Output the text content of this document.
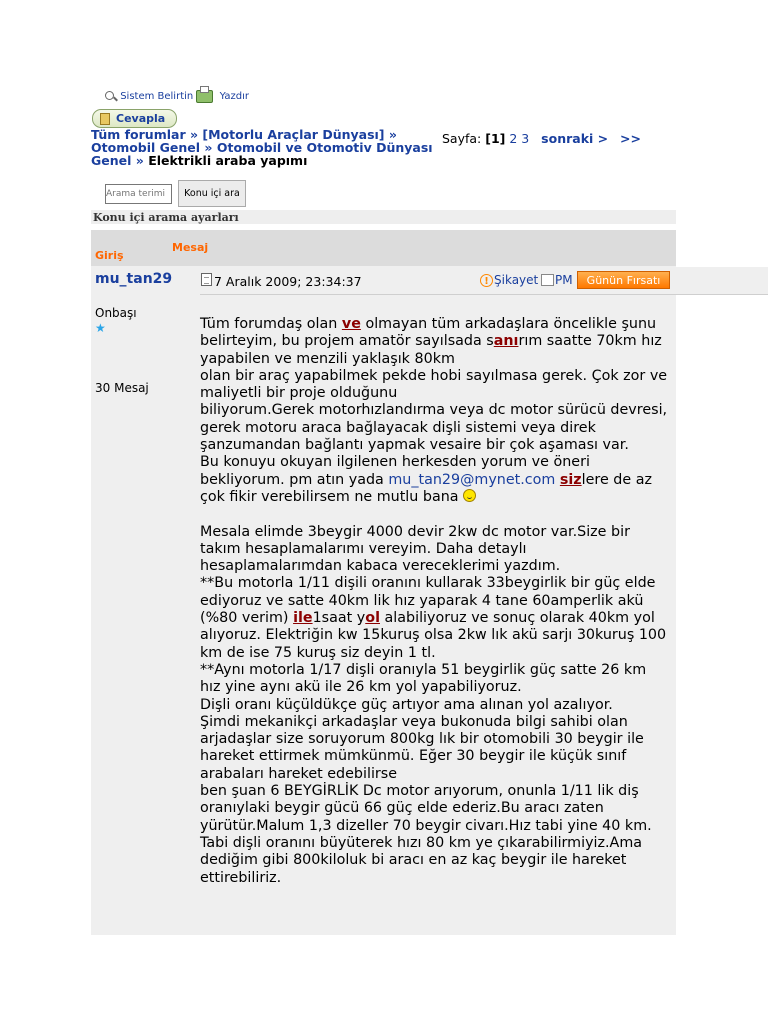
Sistem Belirtin	Yazdır
Cevapla
Tüm forumlar » [Motorlu Araçlar Dünyası] » Otomobil Genel » Otomobil ve Otomotiv Dünyası Genel » Elektrikli araba yapımı
Sayfa: [1] 2 3 sonraki > >>
Arama terimi
Konu içi ara
Konu içi arama ayarları
Giriş
Mesaj
mu_tan29
Onbaşı
★
30 Mesaj
7 Aralık 2009; 23:34:37	! Şikayet PM	Günün Fırsatı

Tüm forumdaş olan ve olmayan tüm arkadaşlara öncelikle şunu belirteyim, bu projem amatör sayılsada sanırım saatte 70km hız yapabilen ve menzili yaklaşık 80km
olan bir araç yapabilmek pekde hobi sayılmasa gerek. Çok zor ve maliyetli bir proje olduğunu
biliyorum.Gerek motorhızlandırma veya dc motor sürücü devresi, gerek motoru araca bağlayacak dişli sistemi veya direk şanzumandan bağlantı yapmak vesaire bir çok aşaması var.
Bu konuyu okuyan ilgilenen herkesden yorum ve öneri bekliyorum. pm atın yada mu_tan29@mynet.com sizlere de az çok fikir verebilirsem ne mutlu bana

Mesala elimde 3beygir 4000 devir 2kw dc motor var.Size bir takım hesaplamalarımı vereyim. Daha detaylı hesaplamalarımdan kabaca vereceklerimi yazdım.
**Bu motorla 1/11 dişili oranını kullarak 33beygirlik bir güç elde ediyoruz ve satte 40km lik hız yaparak 4 tane 60amperlik akü (%80 verim) ile1saat yol alabiliyoruz ve sonuç olarak 40km yol alıyoruz. Elektriğin kw 15kuruş olsa 2kw lık akü sarjı 30kuruş 100 km de ise 75 kuruş siz deyin 1 tl.
**Aynı motorla 1/17 dişli oranıyla 51 beygirlik güç satte 26 km hız yine aynı akü ile 26 km yol yapabiliyoruz.
Dişli oranı küçüldükçe güç artıyor ama alınan yol azalıyor.
Şimdi mekanikçi arkadaşlar veya bukonuda bilgi sahibi olan arjadaşlar size soruyorum 800kg lık bir otomobili 30 beygir ile hareket ettirmek mümkünmü. Eğer 30 beygir ile küçük sınıf arabaları hareket edebilirse
ben şuan 6 BEYGİRLİK Dc motor arıyorum, onunla 1/11 lik diş oranıylaki beygir gücü 66 güç elde ederiz.Bu aracı zaten yürütür.Malum 1,3 dizeller 70 beygir civarı.Hız tabi yine 40 km. Tabi dişli oranını büyüterek hızı 80 km ye çıkarabilirmiyiz.Ama dediğim gibi 800kiloluk bi aracı en az kaç beygir ile hareket ettirebiliriz.
